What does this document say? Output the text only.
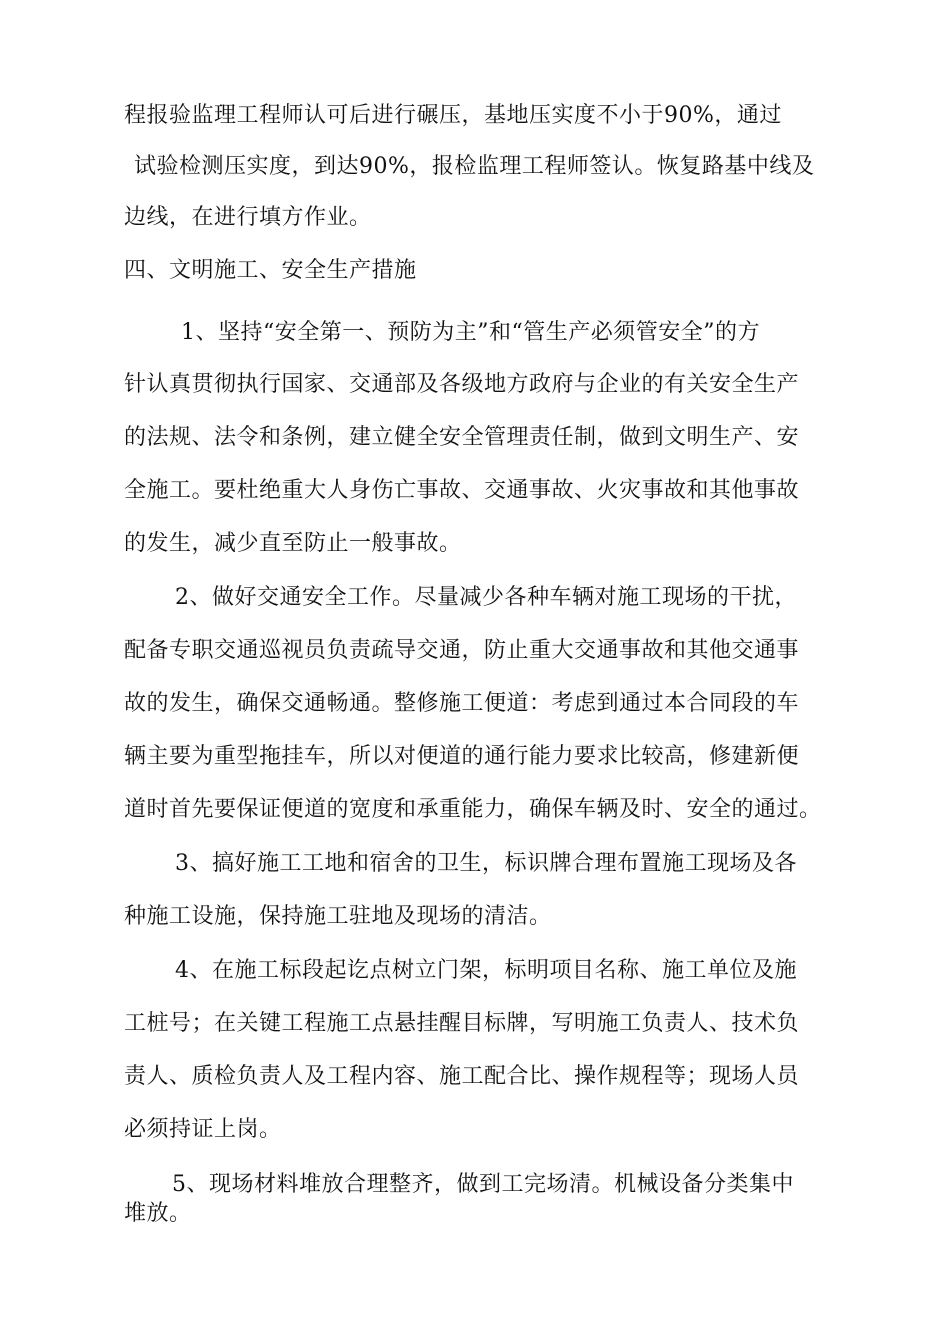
程报验监理工程师认可后进行碾压，基地压实度不小于90%，通过
试验检测压实度，到达90%，报检监理工程师签认。恢复路基中线及
边线，在进行填方作业。
四、文明施工、安全生产措施
1、坚持“安全第一、预防为主”和“管生产必须管安全”的方
针认真贯彻执行国家、交通部及各级地方政府与企业的有关安全生产
的法规、法令和条例，建立健全安全管理责任制，做到文明生产、安
全施工。要杜绝重大人身伤亡事故、交通事故、火灾事故和其他事故
的发生，减少直至防止一般事故。
2、做好交通安全工作。尽量减少各种车辆对施工现场的干扰，
配备专职交通巡视员负责疏导交通，防止重大交通事故和其他交通事
故的发生，确保交通畅通。整修施工便道：考虑到通过本合同段的车
辆主要为重型拖挂车，所以对便道的通行能力要求比较高，修建新便
道时首先要保证便道的宽度和承重能力，确保车辆及时、安全的通过。
3、搞好施工工地和宿舍的卫生，标识牌合理布置施工现场及各
种施工设施，保持施工驻地及现场的清洁。
4、在施工标段起讫点树立门架，标明项目名称、施工单位及施
工桩号；在关键工程施工点悬挂醒目标牌，写明施工负责人、技术负
责人、质检负责人及工程内容、施工配合比、操作规程等；现场人员
必须持证上岗。
5、现场材料堆放合理整齐，做到工完场清。机械设备分类集中
堆放。
